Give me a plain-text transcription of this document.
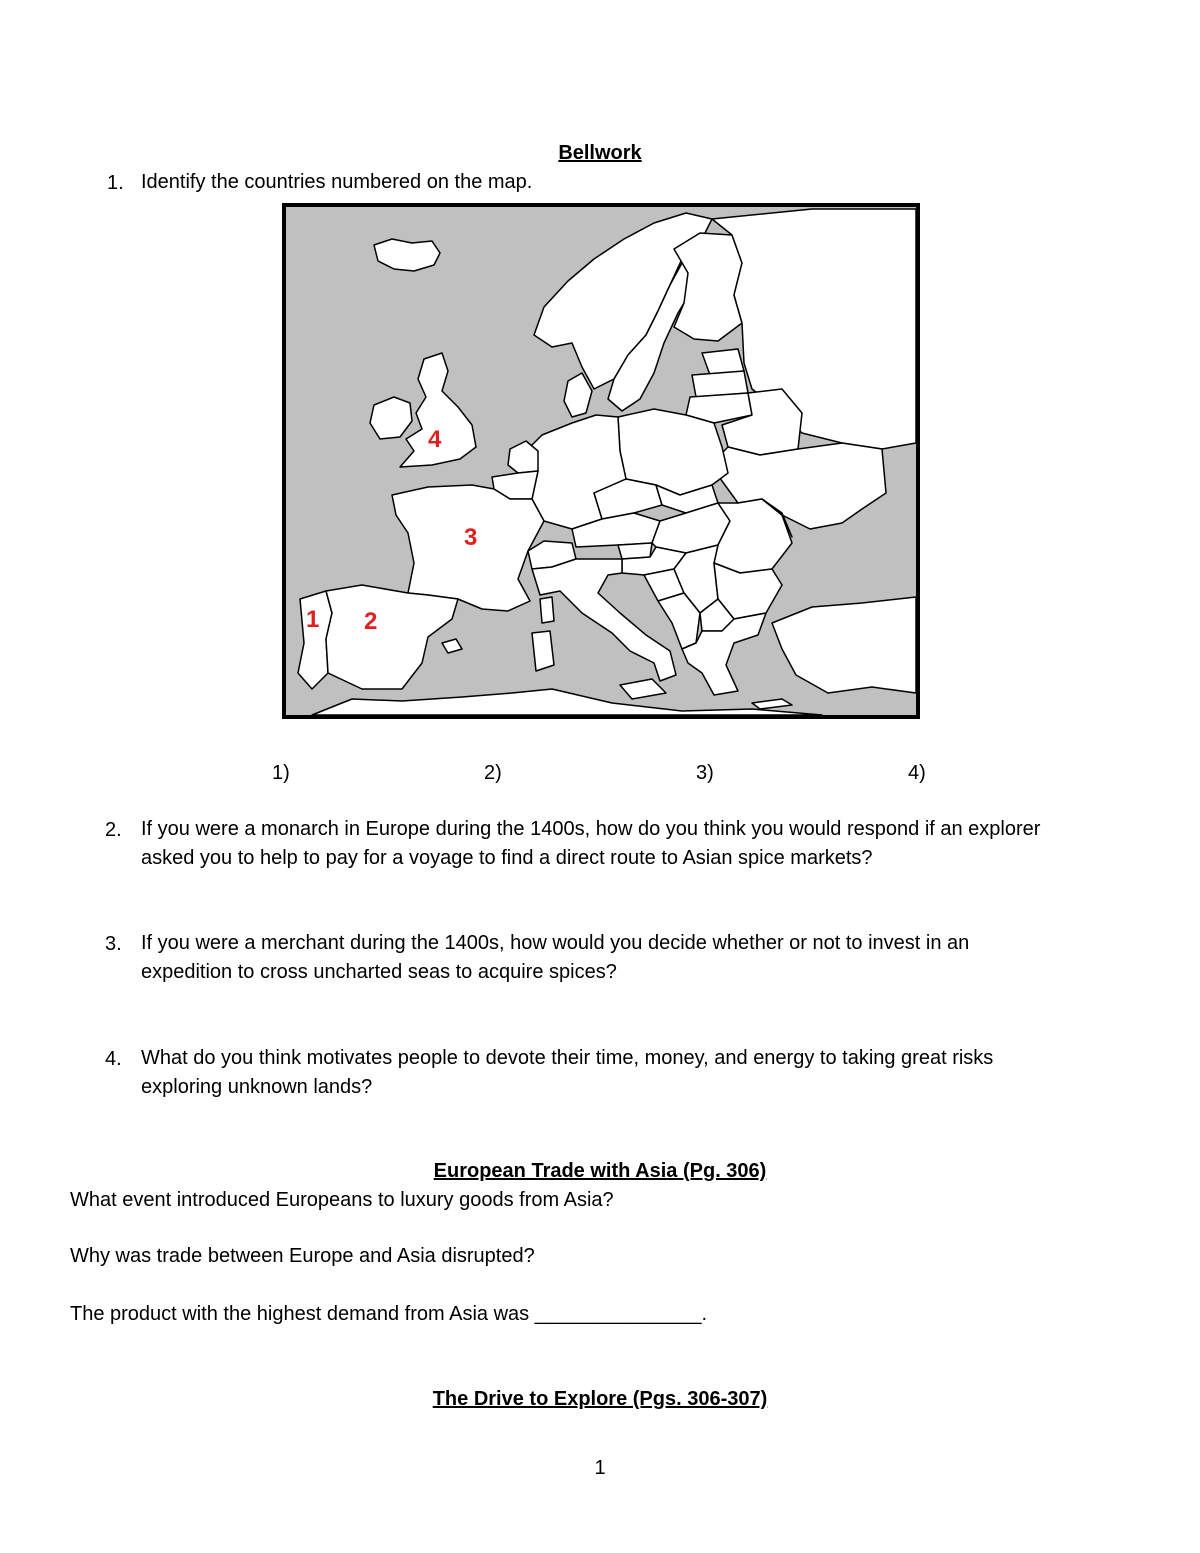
Bellwork
1. Identify the countries numbered on the map.
1 2
3
4
1)	2)	3)	4)
2. If you were a monarch in Europe during the 1400s, how do you think you would respond if an explorer
asked you to help to pay for a voyage to find a direct route to Asian spice markets?
3. If you were a merchant during the 1400s, how would you decide whether or not to invest in an
expedition to cross uncharted seas to acquire spices?
4. What do you think motivates people to devote their time, money, and energy to taking great risks
exploring unknown lands?
European Trade with Asia (Pg. 306)
What event introduced Europeans to luxury goods from Asia?
Why was trade between Europe and Asia disrupted?
The product with the highest demand from Asia was _______________.
The Drive to Explore (Pgs. 306-307)
1
